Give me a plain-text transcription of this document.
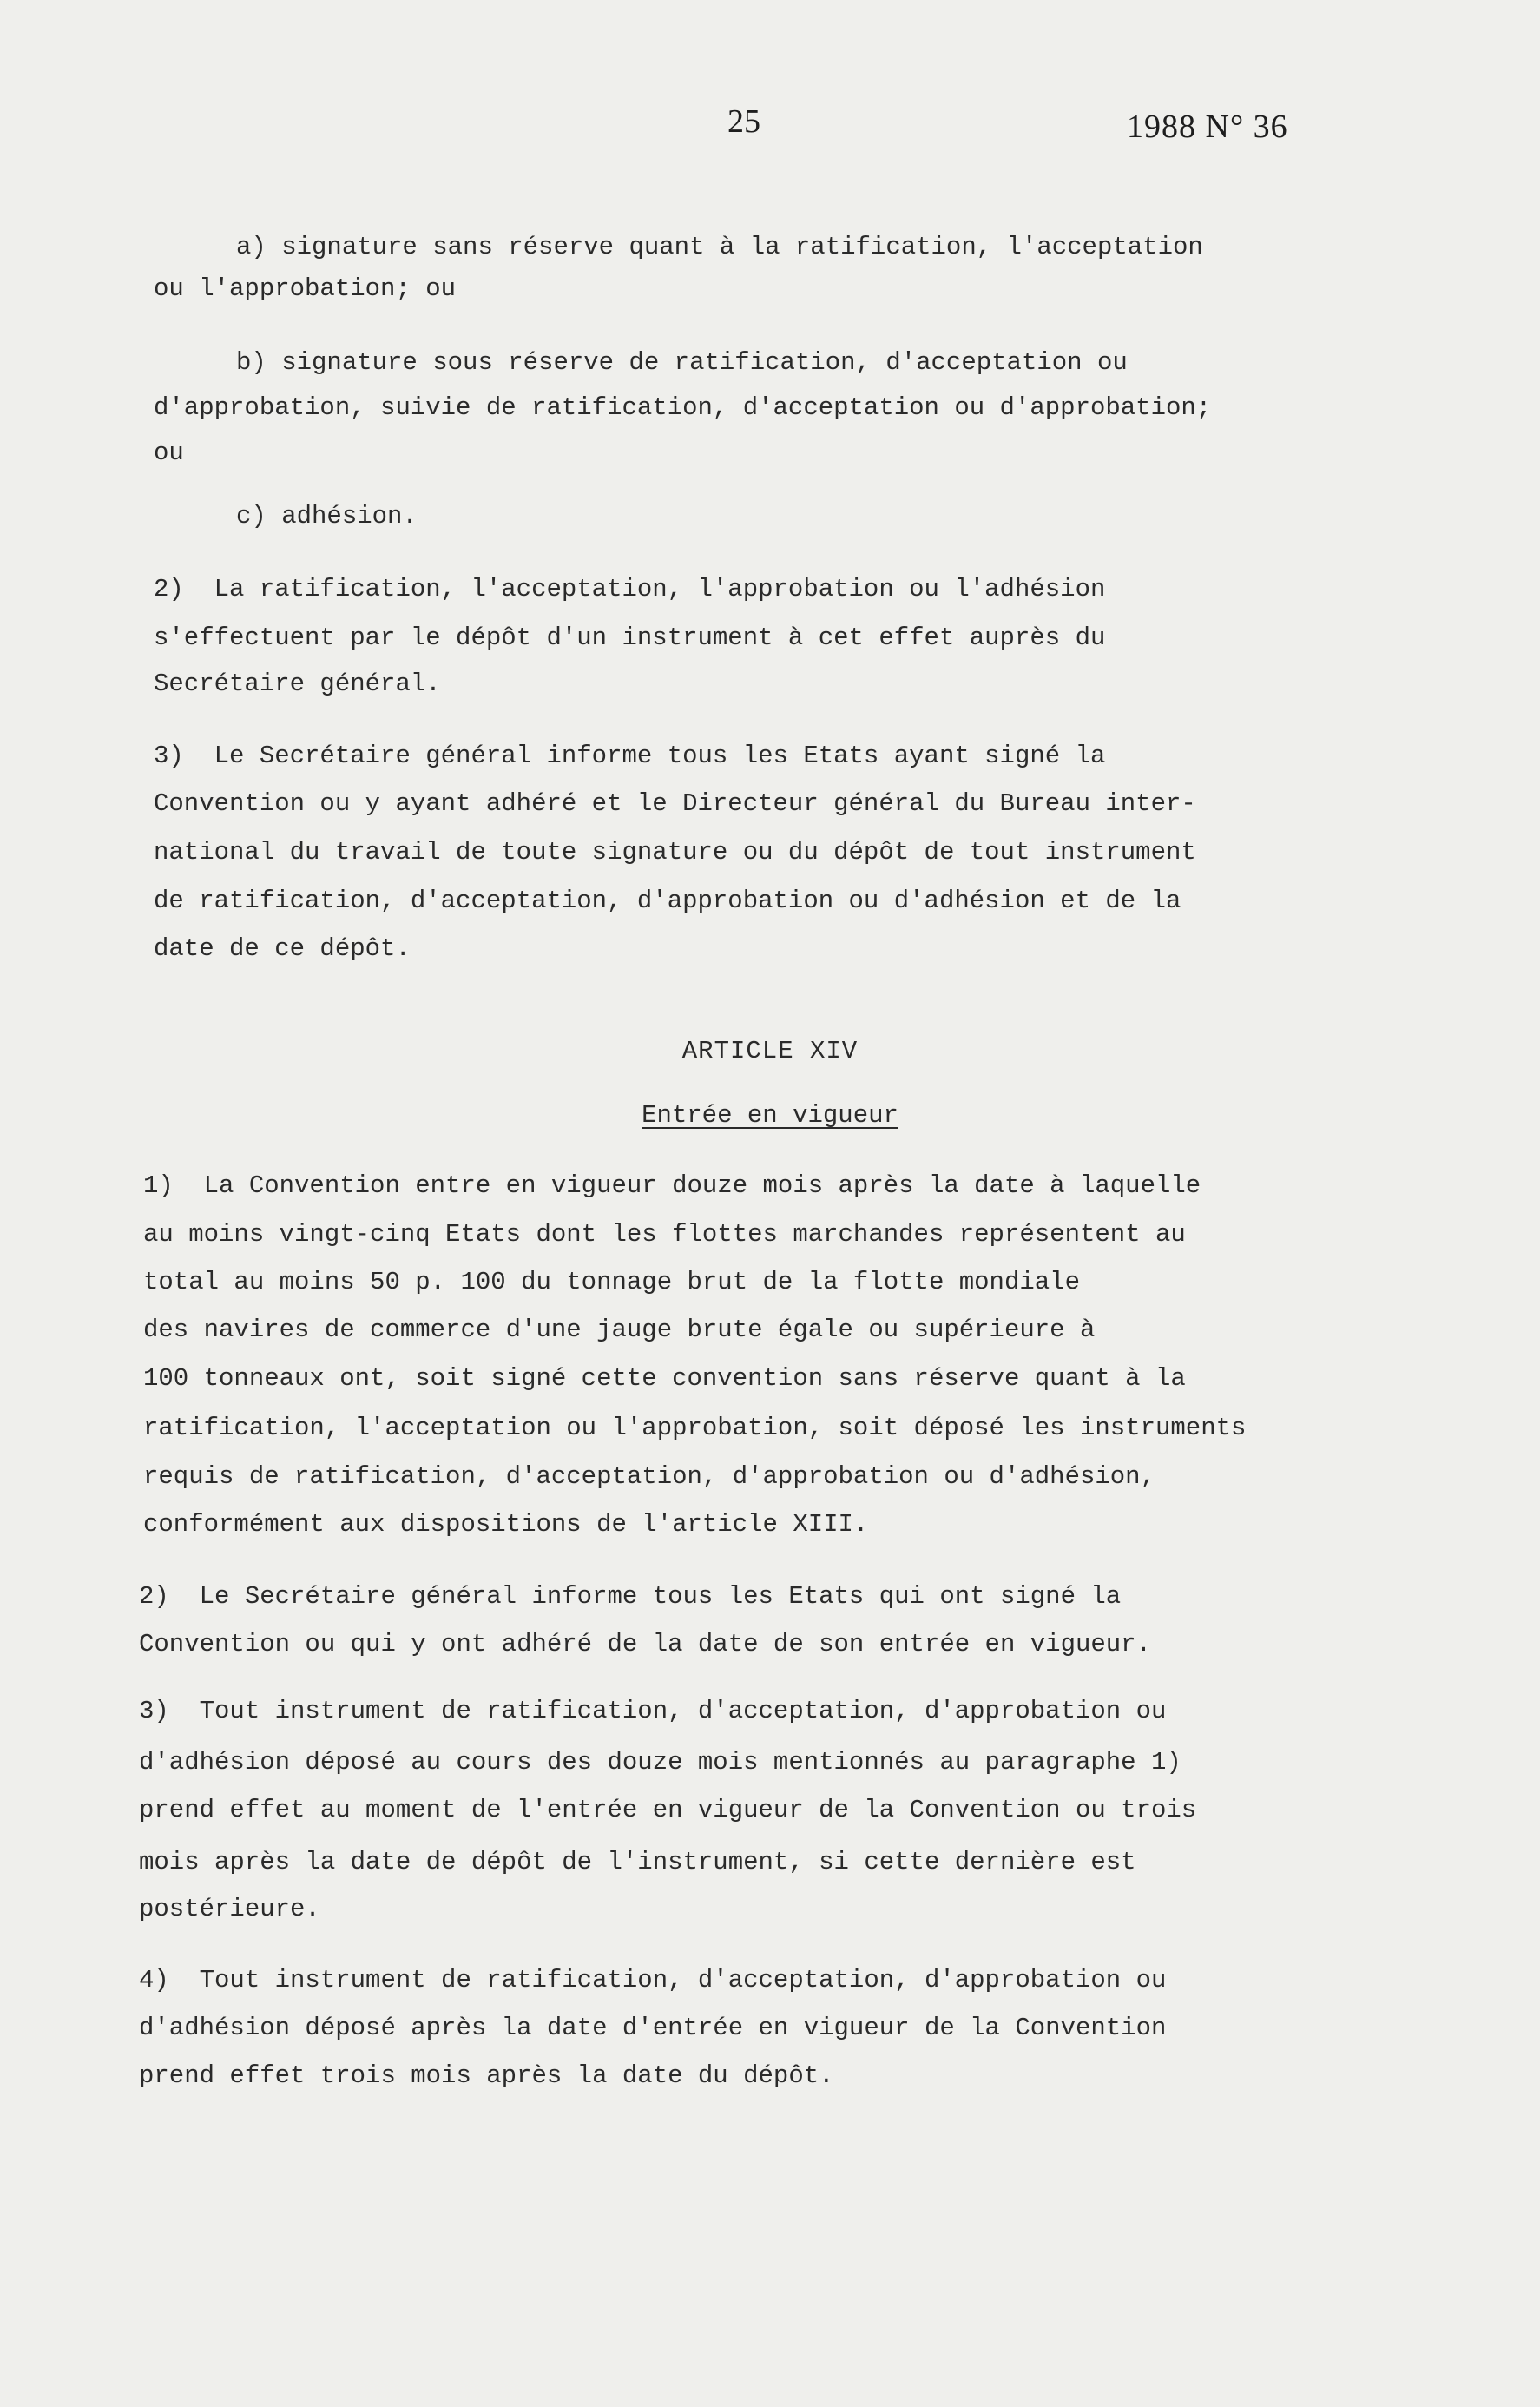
25	1988 N° 36
a) signature sans réserve quant à la ratification, l'acceptation
ou l'approbation; ou
b) signature sous réserve de ratification, d'acceptation ou
d'approbation, suivie de ratification, d'acceptation ou d'approbation;
ou
c) adhésion.
2)  La ratification, l'acceptation, l'approbation ou l'adhésion
s'effectuent par le dépôt d'un instrument à cet effet auprès du
Secrétaire général.
3)  Le Secrétaire général informe tous les Etats ayant signé la
Convention ou y ayant adhéré et le Directeur général du Bureau inter-
national du travail de toute signature ou du dépôt de tout instrument
de ratification, d'acceptation, d'approbation ou d'adhésion et de la
date de ce dépôt.
ARTICLE XIV
Entrée en vigueur
1)  La Convention entre en vigueur douze mois après la date à laquelle
au moins vingt-cinq Etats dont les flottes marchandes représentent au
total au moins 50 p. 100 du tonnage brut de la flotte mondiale
des navires de commerce d'une jauge brute égale ou supérieure à
100 tonneaux ont, soit signé cette convention sans réserve quant à la
ratification, l'acceptation ou l'approbation, soit déposé les instruments
requis de ratification, d'acceptation, d'approbation ou d'adhésion,
conformément aux dispositions de l'article XIII.
2)  Le Secrétaire général informe tous les Etats qui ont signé la
Convention ou qui y ont adhéré de la date de son entrée en vigueur.
3)  Tout instrument de ratification, d'acceptation, d'approbation ou
d'adhésion déposé au cours des douze mois mentionnés au paragraphe 1)
prend effet au moment de l'entrée en vigueur de la Convention ou trois
mois après la date de dépôt de l'instrument, si cette dernière est
postérieure.
4)  Tout instrument de ratification, d'acceptation, d'approbation ou
d'adhésion déposé après la date d'entrée en vigueur de la Convention
prend effet trois mois après la date du dépôt.
